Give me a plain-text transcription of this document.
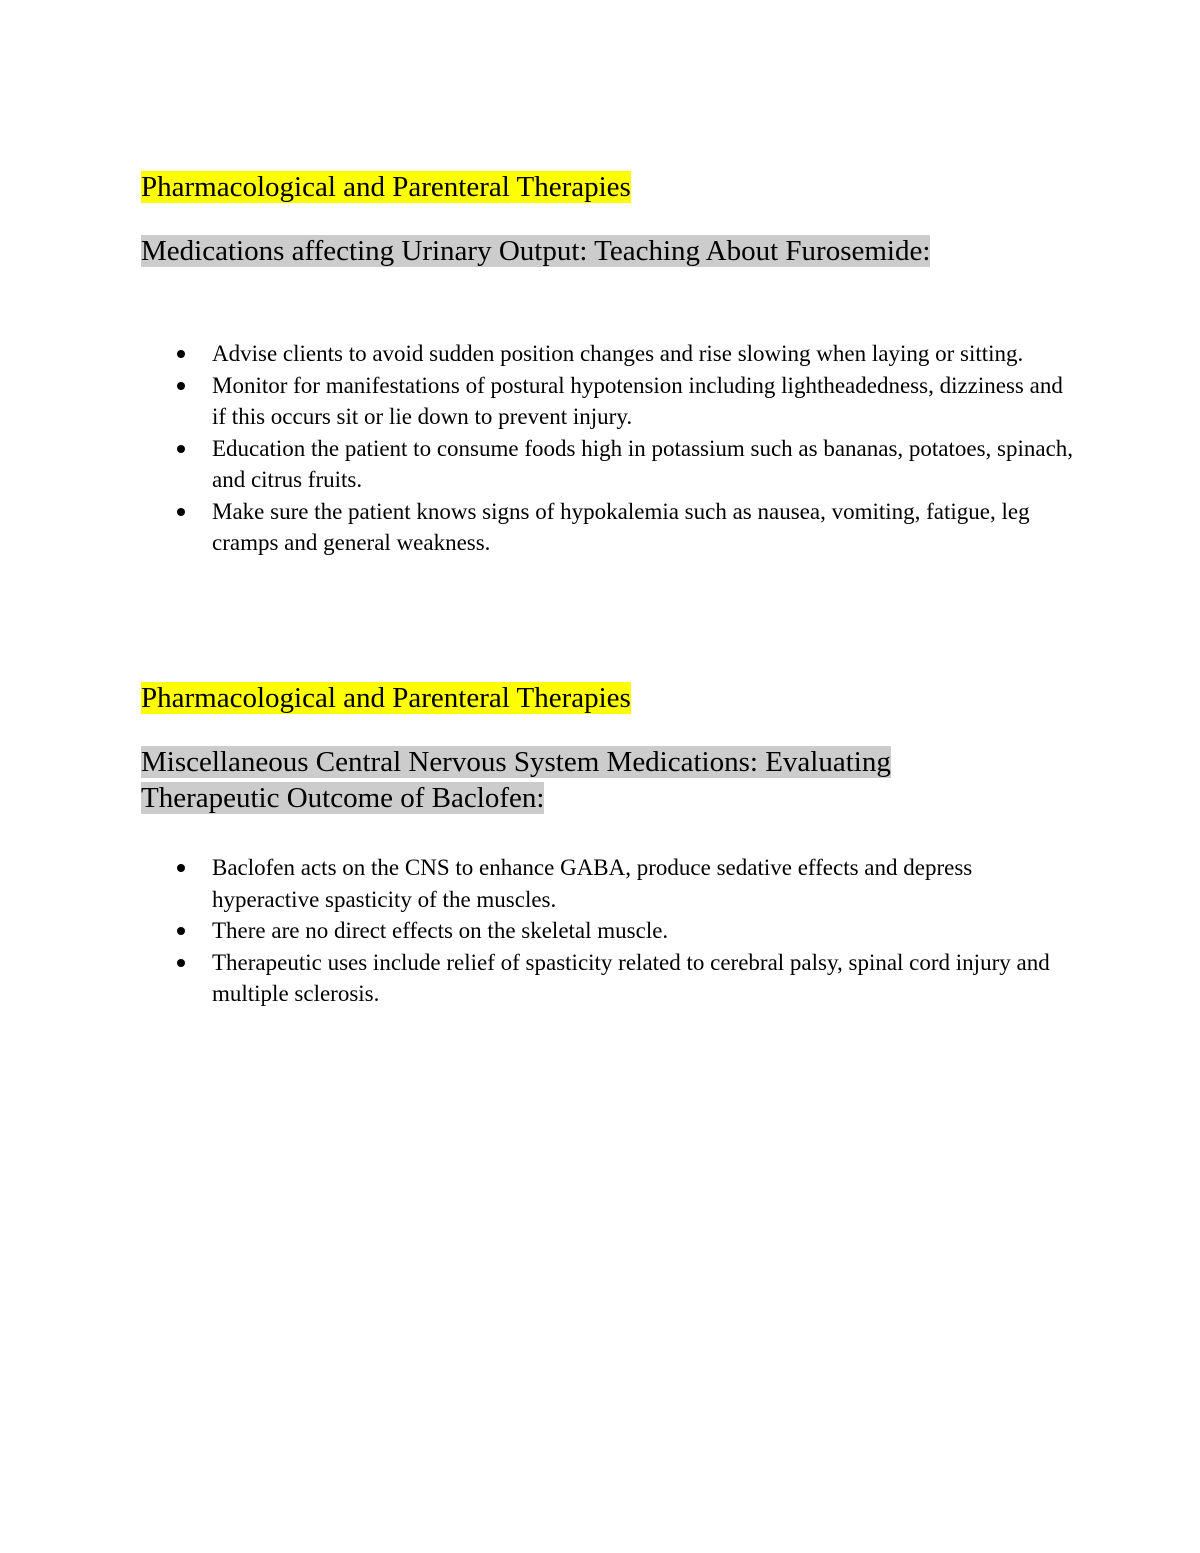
Pharmacological and Parenteral Therapies

Medications affecting Urinary Output: Teaching About Furosemide:

Advise clients to avoid sudden position changes and rise slowing when laying or sitting.
Monitor for manifestations of postural hypotension including lightheadedness, dizziness and if this occurs sit or lie down to prevent injury.
Education the patient to consume foods high in potassium such as bananas, potatoes, spinach, and citrus fruits.
Make sure the patient knows signs of hypokalemia such as nausea, vomiting, fatigue, leg cramps and general weakness.

Pharmacological and Parenteral Therapies

Miscellaneous Central Nervous System Medications: Evaluating Therapeutic Outcome of Baclofen:

Baclofen acts on the CNS to enhance GABA, produce sedative effects and depress hyperactive spasticity of the muscles.
There are no direct effects on the skeletal muscle.
Therapeutic uses include relief of spasticity related to cerebral palsy, spinal cord injury and multiple sclerosis.
